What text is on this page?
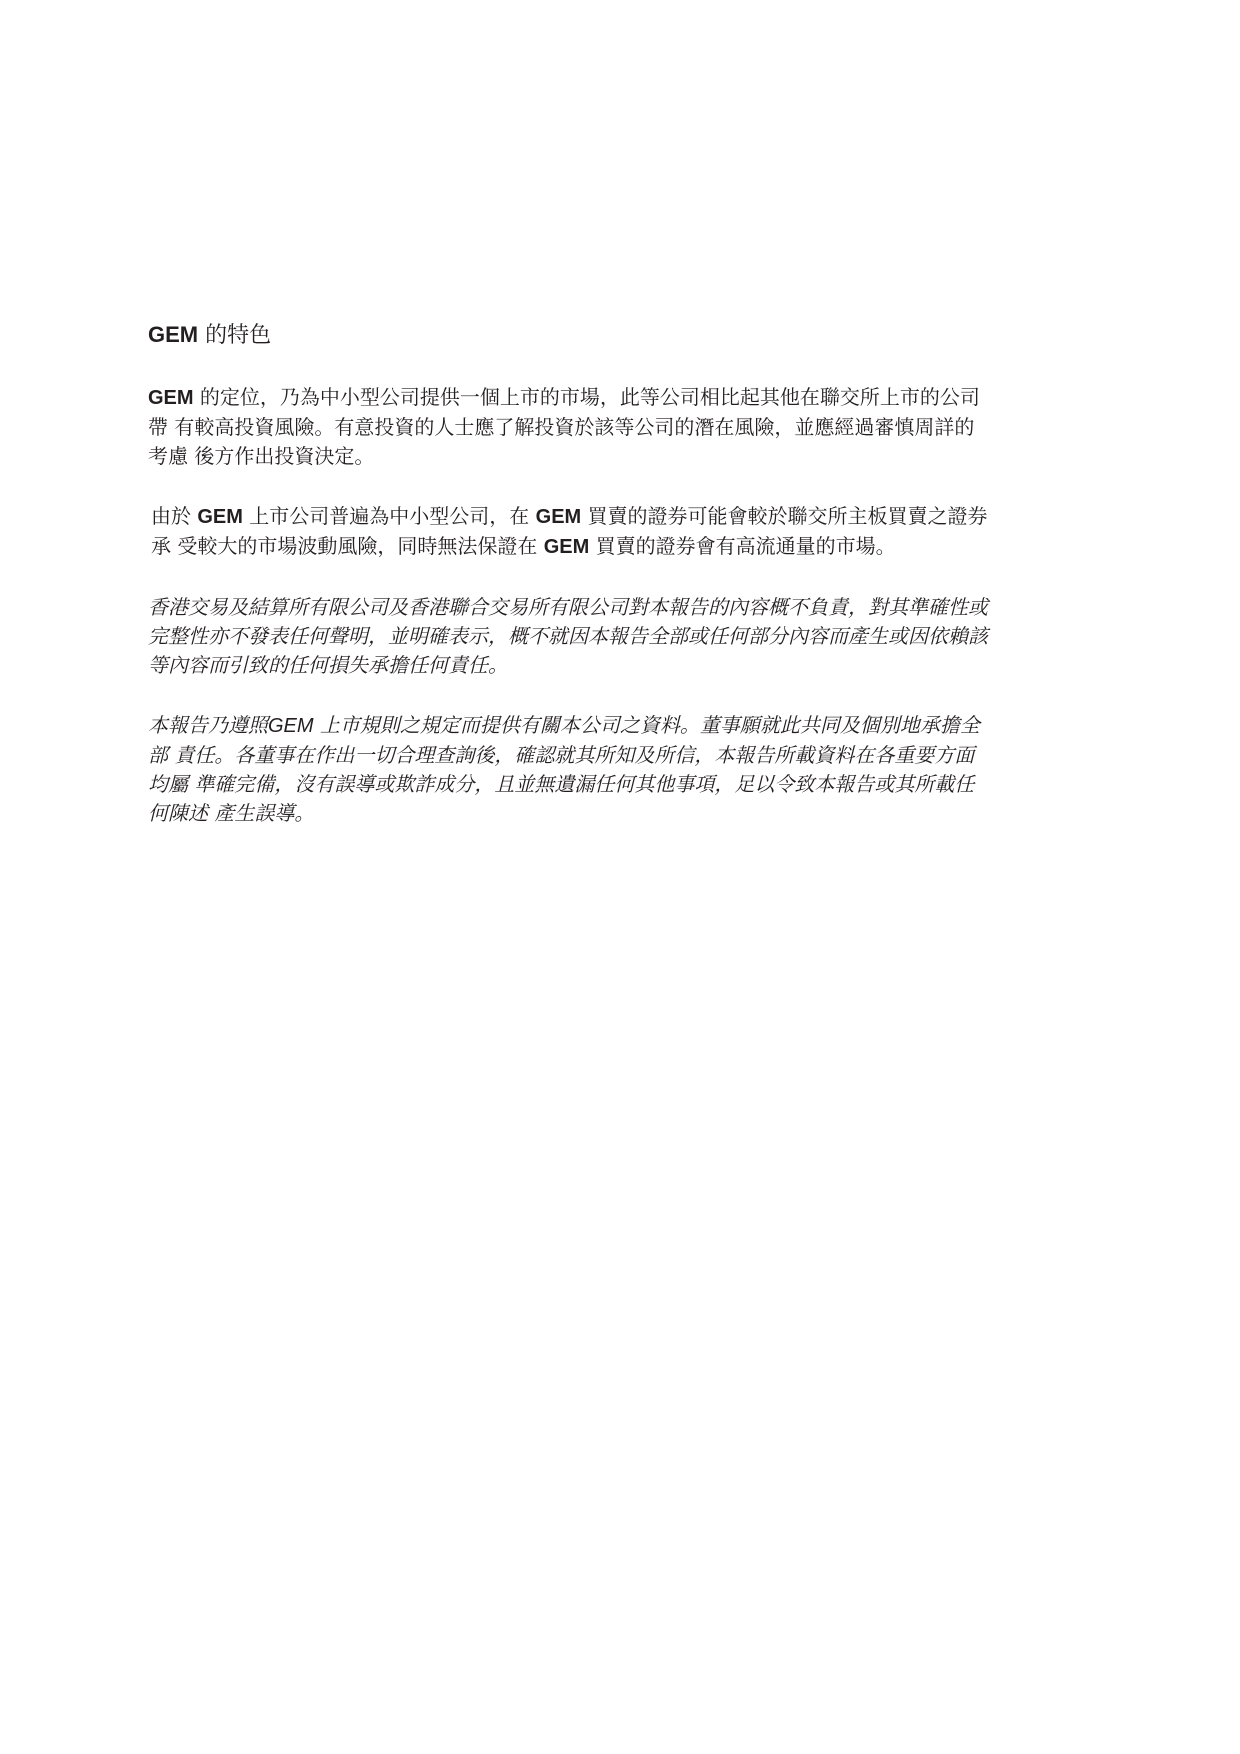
GEM 的特色
GEM 的定位，乃為中小型公司提供一個上市的市場，此等公司相比起其他在聯交所上市的公司
帶 有較高投資風險。有意投資的人士應了解投資於該等公司的潛在風險，並應經過審慎周詳的
考慮 後方作出投資決定。
由於 GEM 上市公司普遍為中小型公司，在 GEM 買賣的證券可能會較於聯交所主板買賣之證券
承 受較大的市場波動風險，同時無法保證在 GEM 買賣的證券會有高流通量的市場。
香港交易及結算所有限公司及香港聯合交易所有限公司對本報告的內容概不負責，對其準確性或
完整性亦不發表任何聲明，並明確表示，概不就因本報告全部或任何部分內容而產生或因依賴該
等內容而引致的任何損失承擔任何責任。
本報告乃遵照GEM 上市規則之規定而提供有關本公司之資料。董事願就此共同及個別地承擔全
部 責任。各董事在作出一切合理查詢後，確認就其所知及所信，本報告所載資料在各重要方面
均屬 準確完備，沒有誤導或欺詐成分，且並無遺漏任何其他事項，足以令致本報告或其所載任
何陳述 產生誤導。
